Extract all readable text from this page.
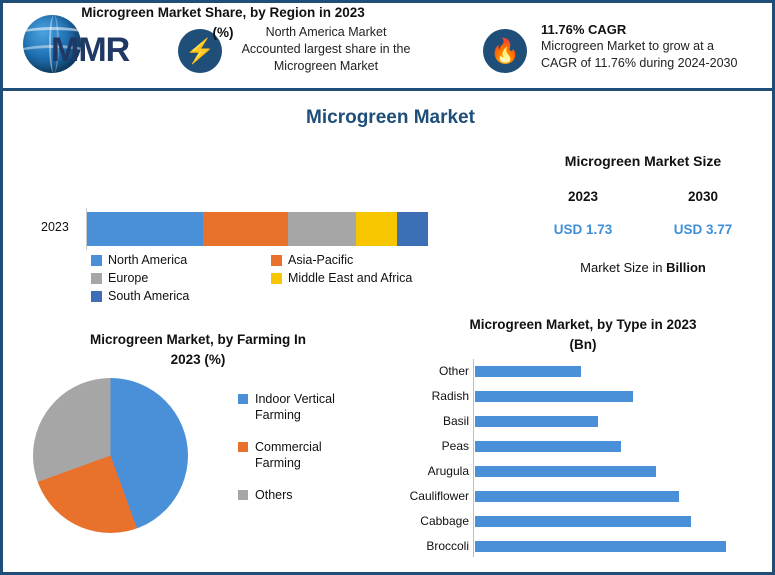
MMR ⚡
North America Market
Accounted largest share in the
Microgreen Market
🔥
11.76% CAGR
Microgreen Market to grow at a
CAGR of 11.76% during 2024-2030
Microgreen Market
Microgreen Market Share, by Region in 2023
(%)
2023
North America	Asia-Pacific
Europe	Middle East and Africa
South America
Microgreen Market Size
2023	2030
USD 1.73	USD 3.77
Market Size in Billion
Microgreen Market, by Farming In
2023 (%)
Indoor Vertical
Farming
Commercial
Farming
Others
Microgreen Market, by Type in 2023
(Bn)
Other
Radish
Basil
Peas
Arugula
Cauliflower
Cabbage
Broccoli
